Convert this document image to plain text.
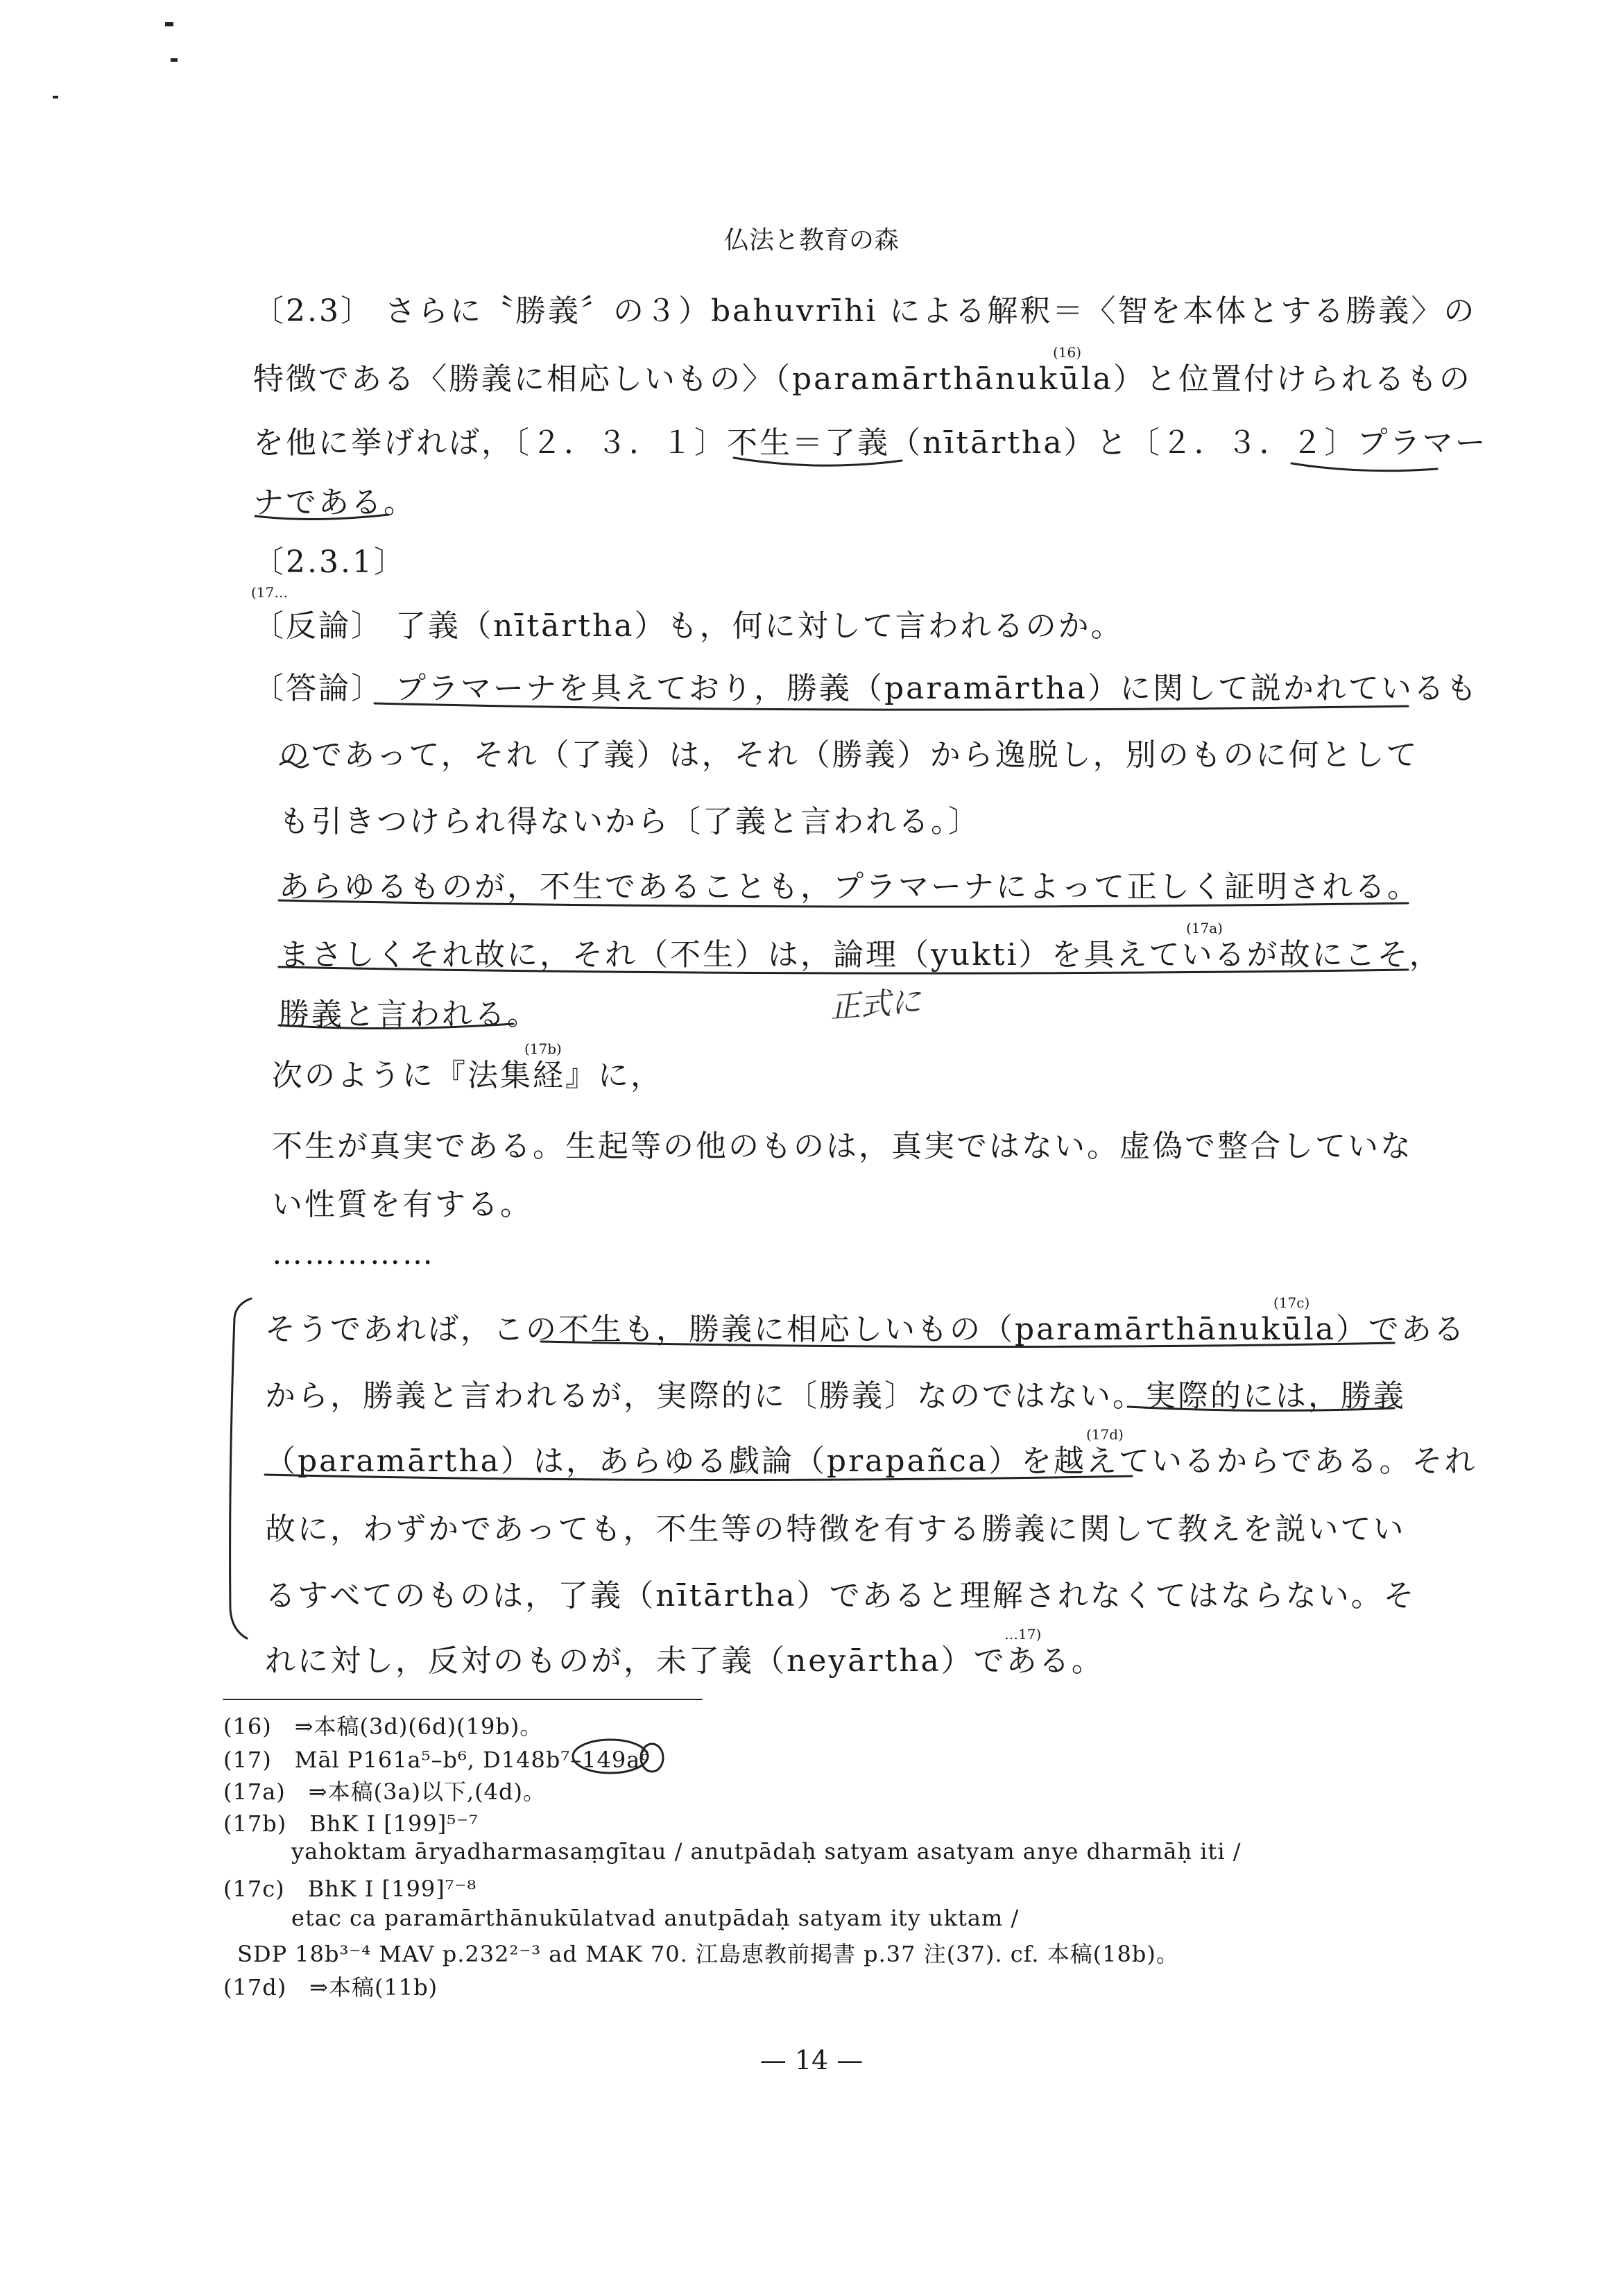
仏法と教育の森
〔2.3〕 さらに〝勝義〞の３）bahuvrīhi による解釈＝〈智を本体とする勝義〉の
特徴である〈勝義に相応しいもの〉（paramārthānukūla）と位置付けられるもの
を他に挙げれば，〔２．３．１〕不生＝了義（nītārtha）と〔２．３．２〕プラマー
ナである。
〔2.3.1〕
〔反論〕 了義（nītārtha）も，何に対して言われるのか。
〔答論〕 プラマーナを具えており，勝義（paramārtha）に関して説かれているも
のであって，それ（了義）は，それ（勝義）から逸脱し，別のものに何として
も引きつけられ得ないから〔了義と言われる。〕
あらゆるものが，不生であることも，プラマーナによって正しく証明される。
まさしくそれ故に，それ（不生）は，論理（yukti）を具えているが故にこそ，
勝義と言われる。
次のように『法集経』に，
不生が真実である。生起等の他のものは，真実ではない。虚偽で整合していな
い性質を有する。
……………
そうであれば，この不生も，勝義に相応しいもの（paramārthānukūla）である
から，勝義と言われるが，実際的に〔勝義〕なのではない。実際的には，勝義
（paramārtha）は，あらゆる戯論（prapañca）を越えているからである。それ
故に，わずかであっても，不生等の特徴を有する勝義に関して教えを説いてい
るすべてのものは，了義（nītārtha）であると理解されなくてはならない。そ
れに対し，反対のものが，未了義（neyārtha）である。
(16)
(17…
(17a)
(17b)
(17c)
(17d)
…17)
正式に
(16)　⇒本稿(3d)(6d)(19b)。
(17)　Māl P161a⁵–b⁶, D148b⁷–149a⁶
(17a)　⇒本稿(3a)以下,(4d)。
(17b)　BhK I [199]⁵⁻⁷
yahoktam āryadharmasaṃgītau / anutpādaḥ satyam asatyam anye dharmāḥ iti /
(17c)　BhK I [199]⁷⁻⁸
etac ca paramārthānukūlatvad anutpādaḥ satyam ity uktam /
SDP 18b³⁻⁴ MAV p.232²⁻³ ad MAK 70. 江島恵教前掲書 p.37 注(37). cf. 本稿(18b)。
(17d)　⇒本稿(11b)
— 14 —
